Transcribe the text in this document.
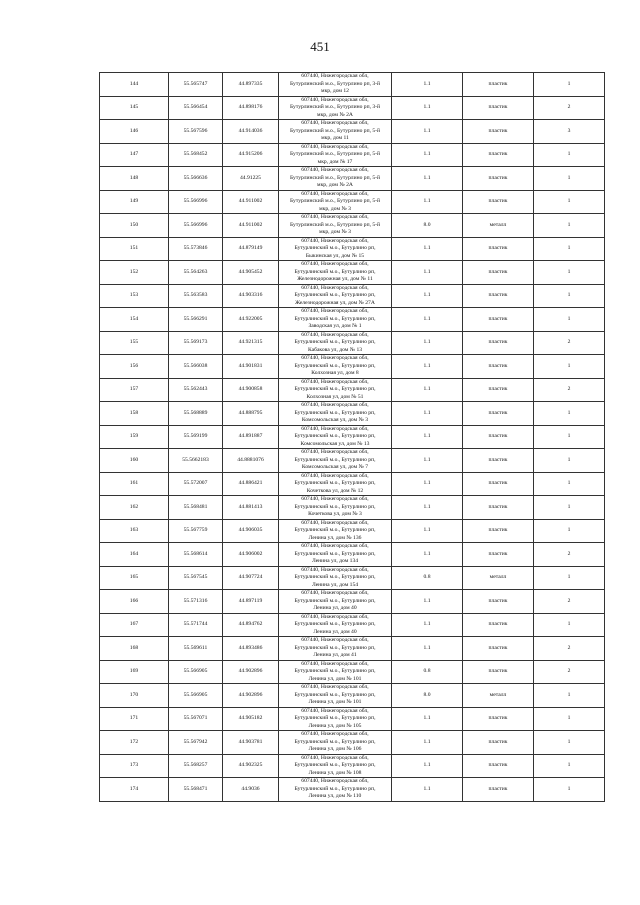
451
144	55.565747	44.897335	607440, Нижегородская обл,
Бутурлинский м.о., Бутурлино рп, 3-й
мкр, дом 12	1.1	пластик	1
145	55.566454	44.898176	607440, Нижегородская обл,
Бутурлинский м.о., Бутурлино рп, 3-й
мкр, дом № 2А	1.1	пластик	2
146	55.567596	44.914036	607440, Нижегородская обл,
Бутурлинский м.о., Бутурлино рп, 5-й
мкр, дом 11	1.1	пластик	3
147	55.568452	44.915206	607440, Нижегородская обл,
Бутурлинский м.о., Бутурлино рп, 5-й
мкр, дом № 17	1.1	пластик	1
148	55.566636	44.91225	607440, Нижегородская обл,
Бутурлинский м.о., Бутурлино рп, 5-й
мкр, дом № 2А	1.1	пластик	1
149	55.566996	44.911002	607440, Нижегородская обл,
Бутурлинский м.о., Бутурлино рп, 5-й
мкр, дом № 3	1.1	пластик	1
150	55.566996	44.911002	607440, Нижегородская обл,
Бутурлинский м.о., Бутурлино рп, 5-й
мкр, дом № 3	8.0	металл	1
151	55.573846	44.879149	607440, Нижегородская обл,
Бутурлинский м.о., Бутурлино рп,
Быкинская ул, дом № 15	1.1	пластик	1
152	55.564263	44.905452	607440, Нижегородская обл,
Бутурлинский м.о., Бутурлино рп,
Железнодорожная ул, дом № 11	1.1	пластик	1
153	55.563583	44.903316	607440, Нижегородская обл,
Бутурлинский м.о., Бутурлино рп,
Железнодорожная ул, дом № 27А	1.1	пластик	1
154	55.566291	44.922005	607440, Нижегородская обл,
Бутурлинский м.о., Бутурлино рп,
Заводская ул, дом № 1	1.1	пластик	1
155	55.569173	44.921315	607440, Нижегородская обл,
Бутурлинский м.о., Бутурлино рп,
Кабакова ул, дом № 13	1.1	пластик	2
156	55.566038	44.901831	607440, Нижегородская обл,
Бутурлинский м.о., Бутурлино рп,
Колхозная ул, дом 8	1.1	пластик	1
157	55.562443	44.900858	607440, Нижегородская обл,
Бутурлинский м.о., Бутурлино рп,
Колхозная ул, дом № 51	1.1	пластик	2
158	55.568889	44.888795	607440, Нижегородская обл,
Бутурлинский м.о., Бутурлино рп,
Комсомольская ул, дом № 3	1.1	пластик	1
159	55.569199	44.891887	607440, Нижегородская обл,
Бутурлинский м.о., Бутурлино рп,
Комсомольская ул, дом № 13	1.1	пластик	1
160	55.5662183	44.8881076	607440, Нижегородская обл,
Бутурлинский м.о., Бутурлино рп,
Комсомольская ул, дом № 7	1.1	пластик	1
161	55.572007	44.886421	607440, Нижегородская обл,
Бутурлинский м.о., Бутурлино рп,
Кочеткова ул, дом № 12	1.1	пластик	1
162	55.568481	44.881413	607440, Нижегородская обл,
Бутурлинский м.о., Бутурлино рп,
Кочеткова ул, дом № 3	1.1	пластик	1
163	55.567759	44.906035	607440, Нижегородская обл,
Бутурлинский м.о., Бутурлино рп,
Ленина ул, дом № 136	1.1	пластик	1
164	55.568614	44.906002	607440, Нижегородская обл,
Бутурлинский м.о., Бутурлино рп,
Ленина ул, дом 134	1.1	пластик	2
165	55.567545	44.907724	607440, Нижегородская обл,
Бутурлинский м.о., Бутурлино рп,
Ленина ул, дом 154	0.8	металл	1
166	55.571316	44.897119	607440, Нижегородская обл,
Бутурлинский м.о., Бутурлино рп,
Ленина ул, дом 40	1.1	пластик	2
167	55.571744	44.894762	607440, Нижегородская обл,
Бутурлинский м.о., Бутурлино рп,
Ленина ул, дом 40	1.1	пластик	1
168	55.569611	44.893486	607440, Нижегородская обл,
Бутурлинский м.о., Бутурлино рп,
Ленина ул, дом 41	1.1	пластик	2
169	55.566905	44.902896	607440, Нижегородская обл,
Бутурлинский м.о., Бутурлино рп,
Ленина ул, дом № 101	0.8	пластик	2
170	55.566905	44.902896	607440, Нижегородская обл,
Бутурлинский м.о., Бутурлино рп,
Ленина ул, дом № 101	8.0	металл	1
171	55.567071	44.905182	607440, Нижегородская обл,
Бутурлинский м.о., Бутурлино рп,
Ленина ул, дом № 105	1.1	пластик	1
172	55.567942	44.903781	607440, Нижегородская обл,
Бутурлинский м.о., Бутурлино рп,
Ленина ул, дом № 106	1.1	пластик	1
173	55.568257	44.902325	607440, Нижегородская обл,
Бутурлинский м.о., Бутурлино рп,
Ленина ул, дом № 108	1.1	пластик	1
174	55.568471	44.9036	607440, Нижегородская обл,
Бутурлинский м.о., Бутурлино рп,
Ленина ул, дом № 110	1.1	пластик	1
